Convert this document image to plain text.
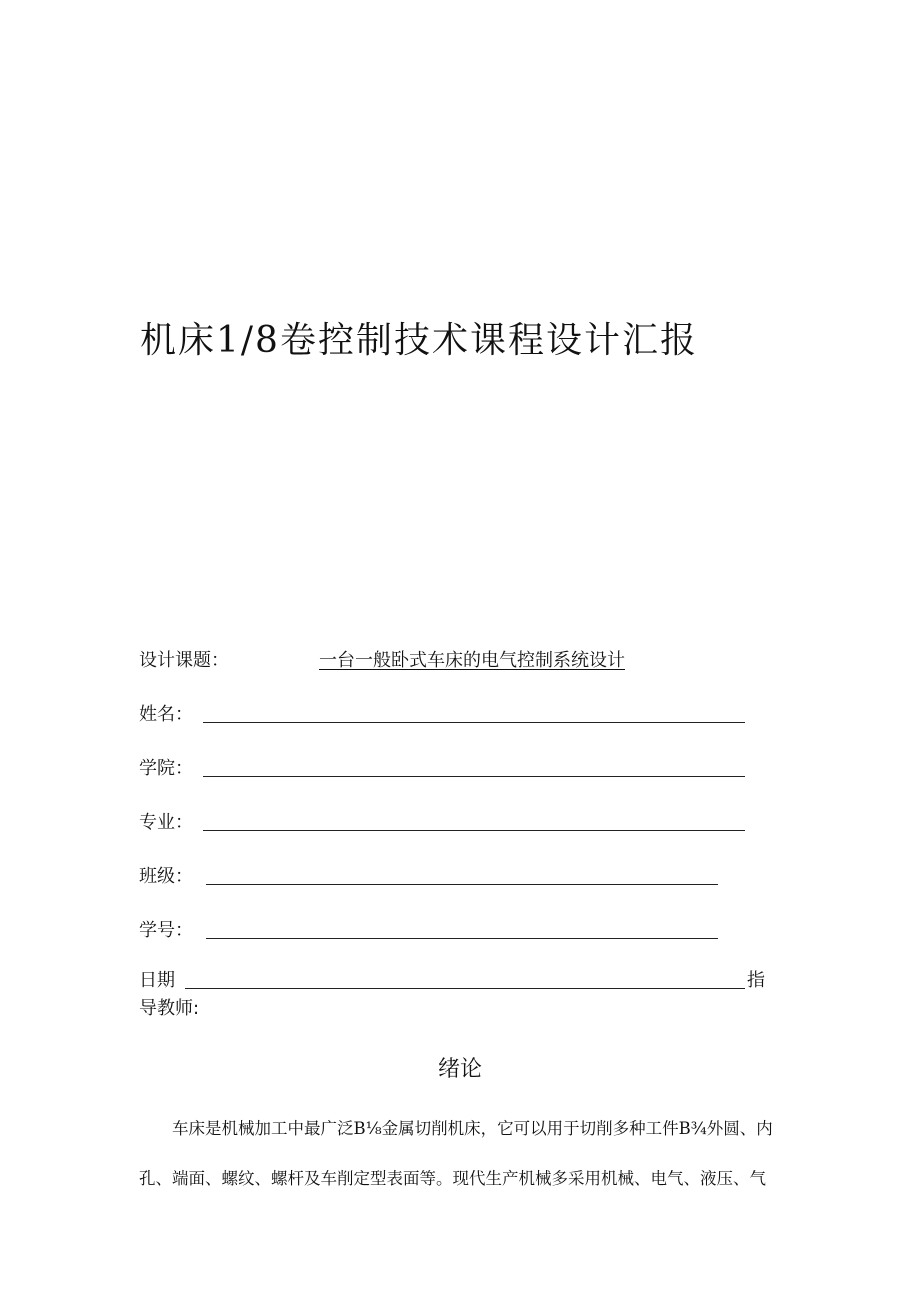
机床1/8卷控制技术课程设计汇报
设计课题：	一台一般卧式车床的电气控制系统设计
姓名：
学院：
专业：
班级：
学号：
日期	指
导教师:
绪论
车床是机械加工中最广泛B⅛金属切削机床，它可以用于切削多种工件B¾外圆、内
孔、端面、螺纹、螺杆及车削定型表面等。现代生产机械多采用机械、电气、液压、气
